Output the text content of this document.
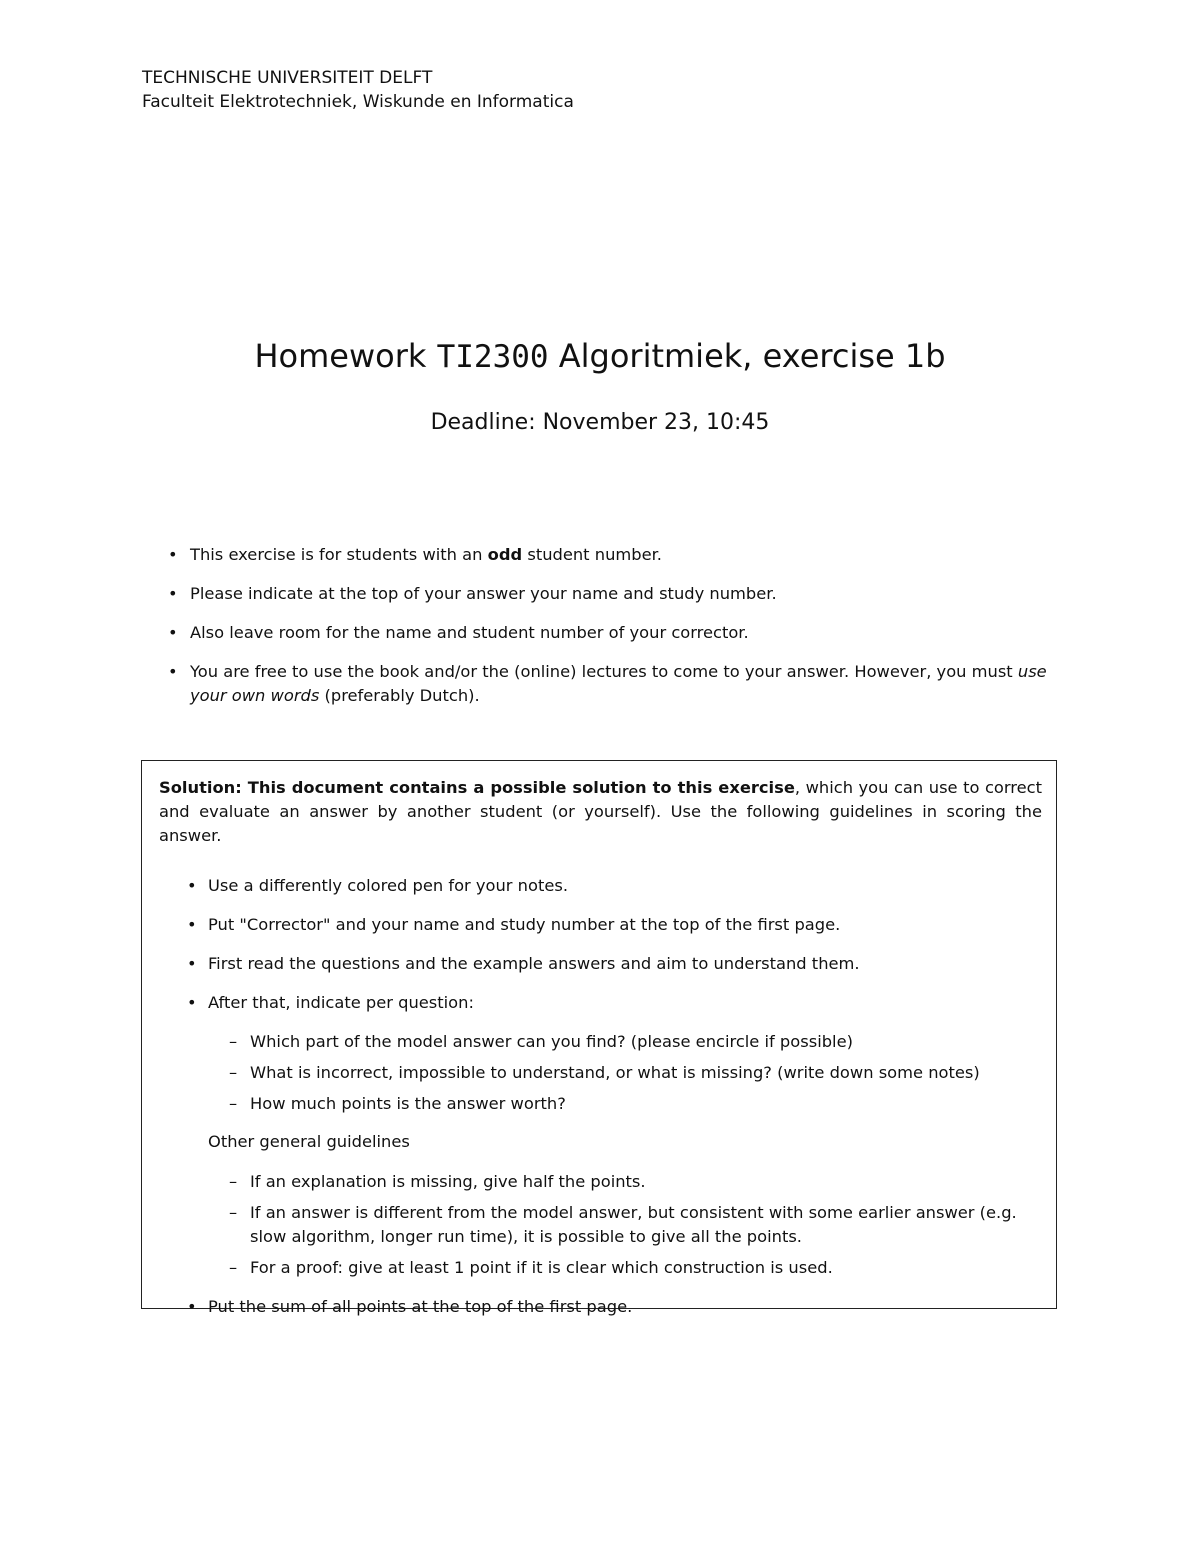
TECHNISCHE UNIVERSITEIT DELFT
Faculteit Elektrotechniek, Wiskunde en Informatica
Homework TI2300 Algoritmiek, exercise 1b
Deadline: November 23, 10:45
• This exercise is for students with an odd student number.
• Please indicate at the top of your answer your name and study number.
• Also leave room for the name and student number of your corrector.
• You are free to use the book and/or the (online) lectures to come to your answer. However, you must use your own words (preferably Dutch).

Solution: This document contains a possible solution to this exercise, which you can use to correct and evaluate an answer by another student (or yourself). Use the following guidelines in scoring the answer.

• Use a differently colored pen for your notes.
• Put "Corrector" and your name and study number at the top of the first page.
• First read the questions and the example answers and aim to understand them.
• After that, indicate per question:
– Which part of the model answer can you find? (please encircle if possible)
– What is incorrect, impossible to understand, or what is missing? (write down some notes)
– How much points is the answer worth?
Other general guidelines
– If an explanation is missing, give half the points.
– If an answer is different from the model answer, but consistent with some earlier answer (e.g. slow algorithm, longer run time), it is possible to give all the points.
– For a proof: give at least 1 point if it is clear which construction is used.
• Put the sum of all points at the top of the first page.
